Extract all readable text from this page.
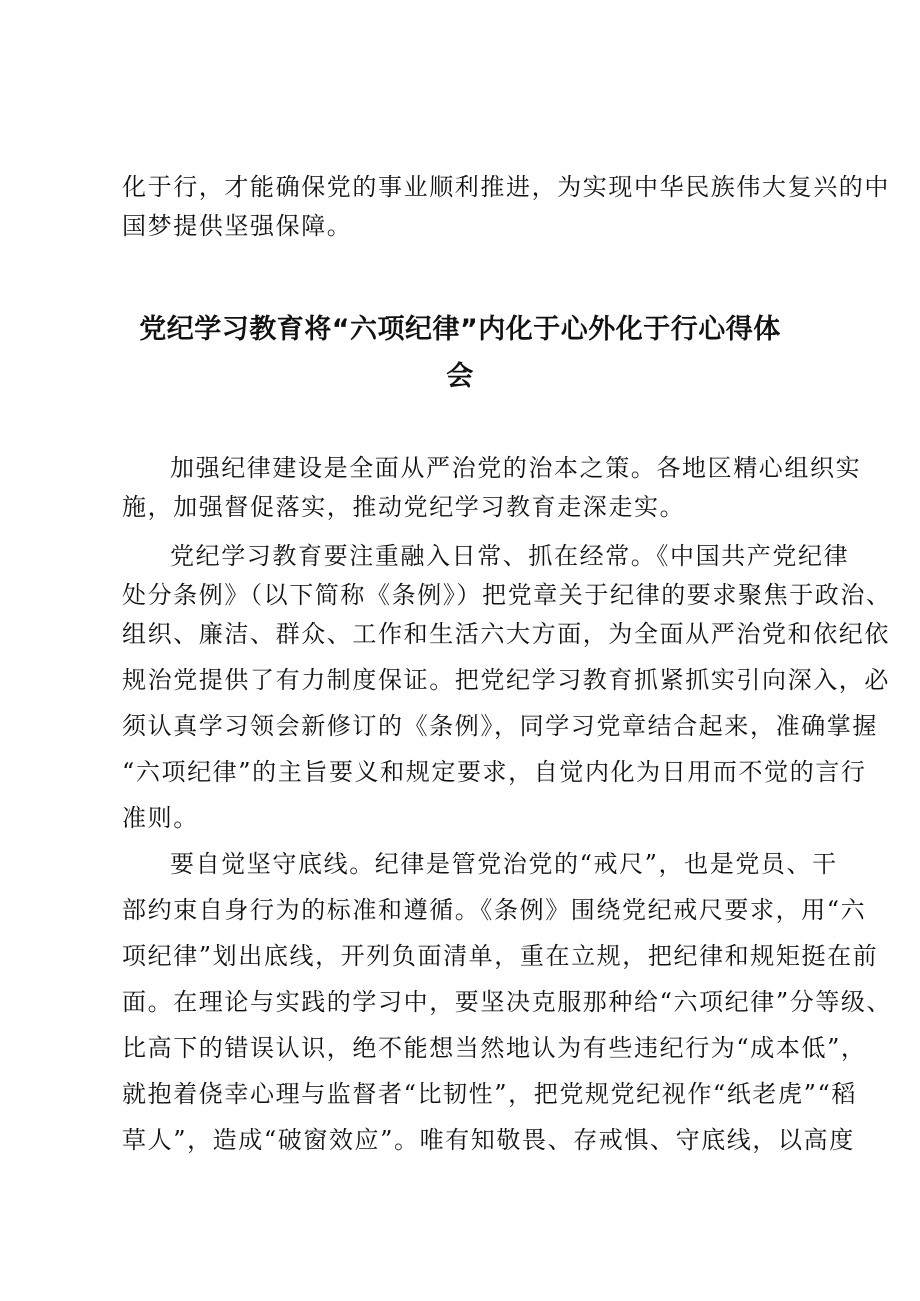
化于行，才能确保党的事业顺利推进，为实现中华民族伟大复兴的中
国梦提供坚强保障。
党纪学习教育将“六项纪律”内化于心外化于行心得体
会
加强纪律建设是全面从严治党的治本之策。各地区精心组织实
施，加强督促落实，推动党纪学习教育走深走实。
党纪学习教育要注重融入日常、抓在经常。《中国共产党纪律
处分条例》（以下简称《条例》）把党章关于纪律的要求聚焦于政治、
组织、廉洁、群众、工作和生活六大方面，为全面从严治党和依纪依
规治党提供了有力制度保证。把党纪学习教育抓紧抓实引向深入，必
须认真学习领会新修订的《条例》，同学习党章结合起来，准确掌握
“六项纪律”的主旨要义和规定要求，自觉内化为日用而不觉的言行
准则。
要自觉坚守底线。纪律是管党治党的“戒尺”，也是党员、干
部约束自身行为的标准和遵循。《条例》围绕党纪戒尺要求，用“六
项纪律”划出底线，开列负面清单，重在立规，把纪律和规矩挺在前
面。在理论与实践的学习中，要坚决克服那种给“六项纪律”分等级、
比高下的错误认识，绝不能想当然地认为有些违纪行为“成本低”，
就抱着侥幸心理与监督者“比韧性”，把党规党纪视作“纸老虎”“稻
草人”，造成“破窗效应”。唯有知敬畏、存戒惧、守底线，以高度
